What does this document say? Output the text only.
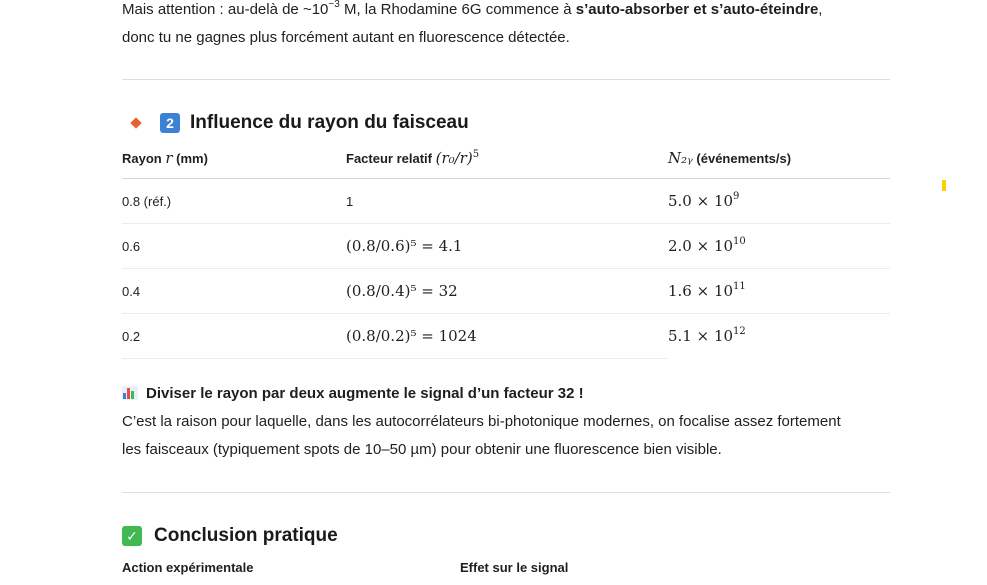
Mais attention : au-delà de $\sim 10^{-3}$ M, la Rhodamine 6G commence à s’auto-absorber et s’auto-éteindre,
donc tu ne gagnes plus forcément autant en fluorescence détectée.
2 Influence du rayon du faisceau
Rayon r (mm)	Facteur relatif $(r_0/r)^5$	N₂ᵧ (événements/s)
0.8 (réf.)	1	$5.0 \times 10^9$
0.6	(0.8/0.6)⁵ = 4.1	$2.0 \times 10^{10}$
0.4	(0.8/0.4)⁵ = 32	$1.6 \times 10^{11}$
0.2	(0.8/0.2)⁵ = 1024	$5.1 \times 10^{12}$
Diviser le rayon par deux augmente le signal d’un facteur 32 !
C’est la raison pour laquelle, dans les autocorrélateurs bi-photonique modernes, on focalise assez fortement
les faisceaux (typiquement spots de 10–50 µm) pour obtenir une fluorescence bien visible.
✓ Conclusion pratique
Action expérimentale	Effet sur le signal
